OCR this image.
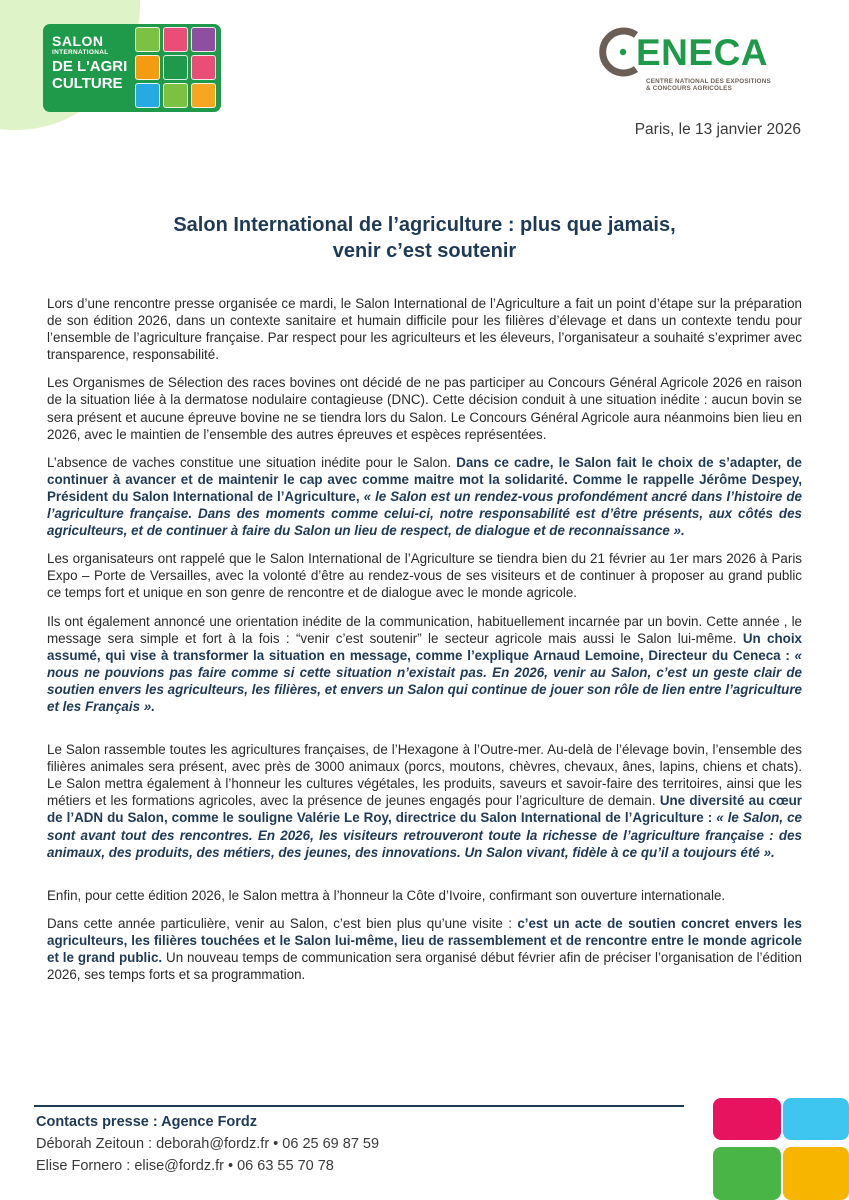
SALON
INTERNATIONAL
DE L'AGRI
CULTURE
ENECA
CENTRE NATIONAL DES EXPOSITIONS
& CONCOURS AGRICOLES
Paris, le 13 janvier 2026
Salon International de l’agriculture : plus que jamais,
venir c’est soutenir

Lors d’une rencontre presse organisée ce mardi, le Salon International de l’Agriculture a fait un point d’étape sur la préparation de son édition 2026, dans un contexte sanitaire et humain difficile pour les filières d’élevage et dans un contexte tendu pour l’ensemble de l’agriculture française. Par respect pour les agriculteurs et les éleveurs, l’organisateur a souhaité s’exprimer avec transparence, responsabilité.

Les Organismes de Sélection des races bovines ont décidé de ne pas participer au Concours Général Agricole 2026 en raison de la situation liée à la dermatose nodulaire contagieuse (DNC). Cette décision conduit à une situation inédite : aucun bovin se sera présent et aucune épreuve bovine ne se tiendra lors du Salon. Le Concours Général Agricole aura néanmoins bien lieu en 2026, avec le maintien de l’ensemble des autres épreuves et espèces représentées.

L’absence de vaches constitue une situation inédite pour le Salon. Dans ce cadre, le Salon fait le choix de s’adapter, de continuer à avancer et de maintenir le cap avec comme maitre mot la solidarité. Comme le rappelle Jérôme Despey, Président du Salon International de l’Agriculture, « le Salon est un rendez-vous profondément ancré dans l’histoire de l’agriculture française. Dans des moments comme celui-ci, notre responsabilité est d’être présents, aux côtés des agriculteurs, et de continuer à faire du Salon un lieu de respect, de dialogue et de reconnaissance ».

Les organisateurs ont rappelé que le Salon International de l’Agriculture se tiendra bien du 21 février au 1er mars 2026 à Paris Expo – Porte de Versailles, avec la volonté d’être au rendez-vous de ses visiteurs et de continuer à proposer au grand public ce temps fort et unique en son genre de rencontre et de dialogue avec le monde agricole.

Ils ont également annoncé une orientation inédite de la communication, habituellement incarnée par un bovin. Cette année , le message sera simple et fort à la fois : “venir c’est soutenir” le secteur agricole mais aussi le Salon lui-même. Un choix assumé, qui vise à transformer la situation en message, comme l’explique Arnaud Lemoine, Directeur du Ceneca : « nous ne pouvions pas faire comme si cette situation n’existait pas. En 2026, venir au Salon, c’est un geste clair de soutien envers les agriculteurs, les filières, et envers un Salon qui continue de jouer son rôle de lien entre l’agriculture et les Français ».

Le Salon rassemble toutes les agricultures françaises, de l’Hexagone à l’Outre-mer. Au-delà de l’élevage bovin, l’ensemble des filières animales sera présent, avec près de 3000 animaux (porcs, moutons, chèvres, chevaux, ânes, lapins, chiens et chats). Le Salon mettra également à l’honneur les cultures végétales, les produits, saveurs et savoir-faire des territoires, ainsi que les métiers et les formations agricoles, avec la présence de jeunes engagés pour l’agriculture de demain. Une diversité au cœur de l’ADN du Salon, comme le souligne Valérie Le Roy, directrice du Salon International de l’Agriculture : « le Salon, ce sont avant tout des rencontres. En 2026, les visiteurs retrouveront toute la richesse de l’agriculture française : des animaux, des produits, des métiers, des jeunes, des innovations. Un Salon vivant, fidèle à ce qu’il a toujours été ».

Enfin, pour cette édition 2026, le Salon mettra à l’honneur la Côte d’Ivoire, confirmant son ouverture internationale.

Dans cette année particulière, venir au Salon, c’est bien plus qu’une visite : c’est un acte de soutien concret envers les agriculteurs, les filières touchées et le Salon lui-même, lieu de rassemblement et de rencontre entre le monde agricole et le grand public. Un nouveau temps de communication sera organisé début février afin de préciser l’organisation de l’édition 2026, ses temps forts et sa programmation.

Contacts presse : Agence Fordz
Déborah Zeitoun : deborah@fordz.fr • 06 25 69 87 59
Elise Fornero : elise@fordz.fr • 06 63 55 70 78
